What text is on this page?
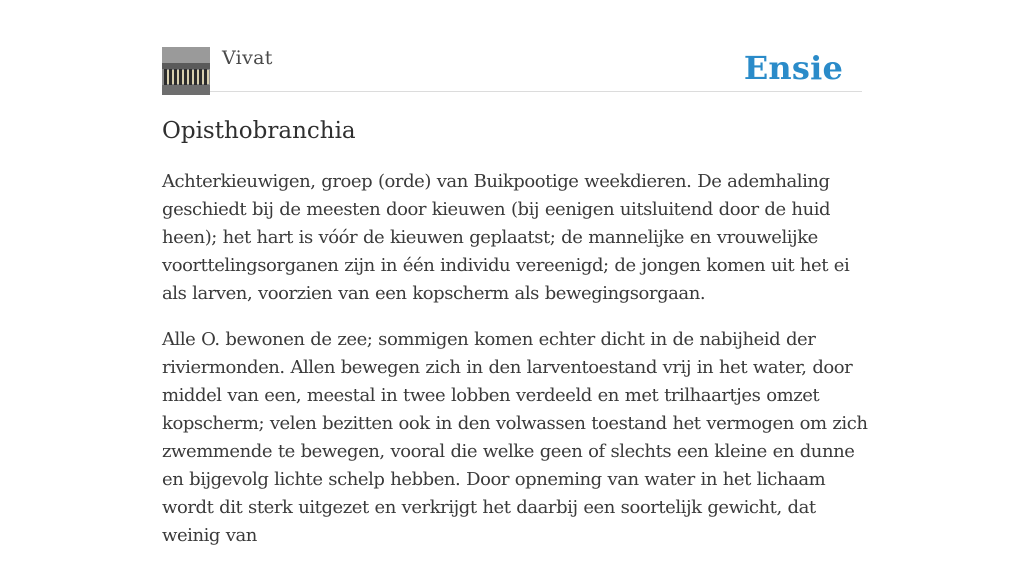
Vivat	Ensie
Opisthobranchia

Achterkieuwigen, groep (orde) van Buikpootige weekdieren. De ademhaling geschiedt bij de meesten door kieuwen (bij eenigen uitsluitend door de huid heen); het hart is vóór de kieuwen geplaatst; de mannelijke en vrouwelijke voorttelingsorganen zijn in één individu vereenigd; de jongen komen uit het ei als larven, voorzien van een kopscherm als bewegingsorgaan.

Alle O. bewonen de zee; sommigen komen echter dicht in de nabijheid der riviermonden. Allen bewegen zich in den larventoestand vrij in het water, door middel van een, meestal in twee lobben verdeeld en met trilhaartjes omzet kopscherm; velen bezitten ook in den volwassen toestand het vermogen om zich zwemmende te bewegen, vooral die welke geen of slechts een kleine en dunne en bijgevolg lichte schelp hebben. Door opneming van water in het lichaam wordt dit sterk uitgezet en verkrijgt het daarbij een soortelijk gewicht, dat weinig van
